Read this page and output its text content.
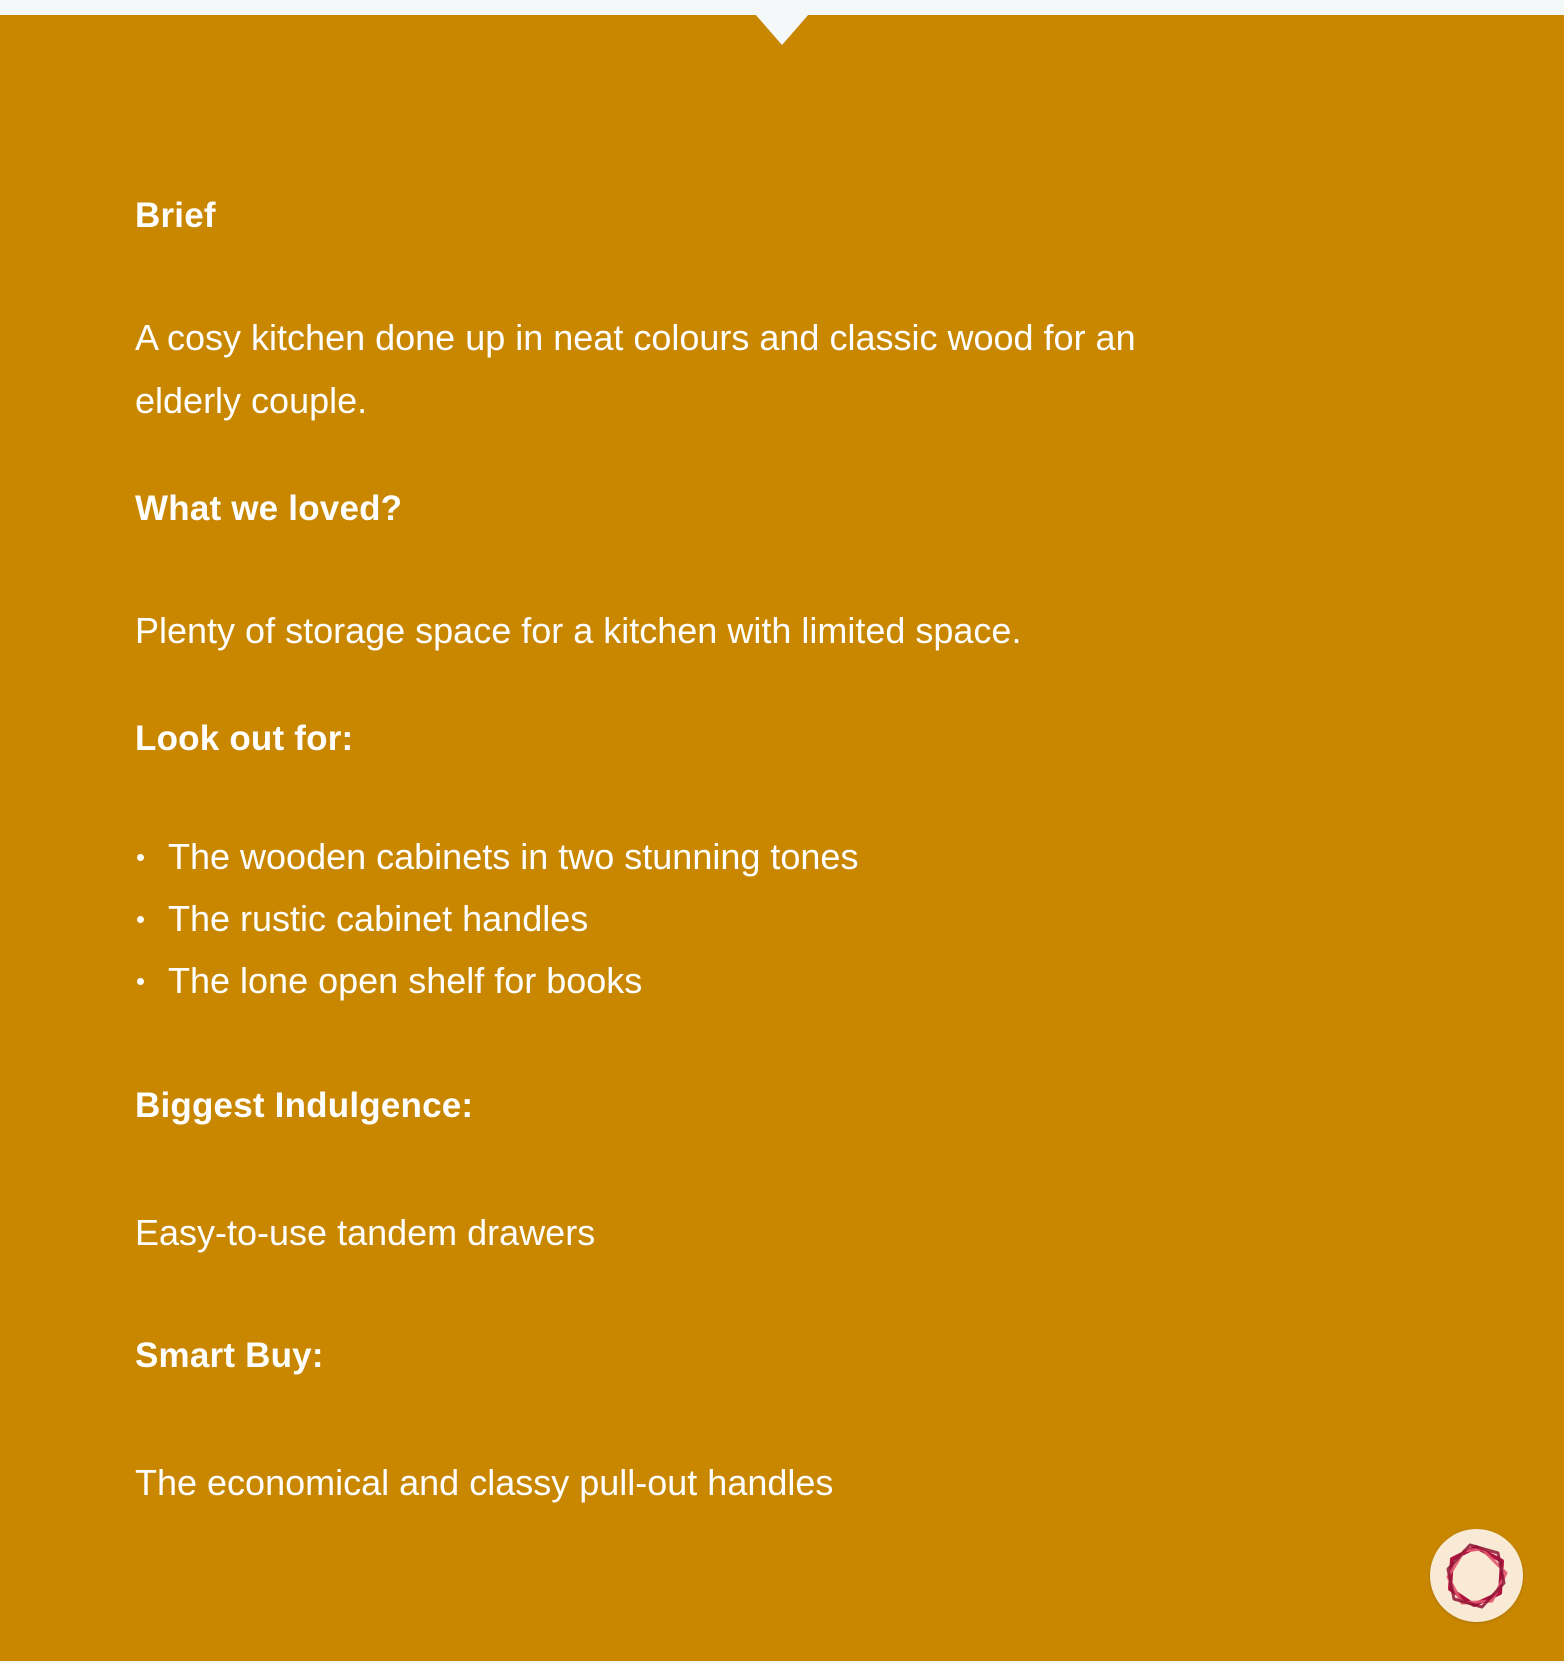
Brief

A cosy kitchen done up in neat colours and classic wood for an elderly couple.

What we loved?

Plenty of storage space for a kitchen with limited space.

Look out for:
The wooden cabinets in two stunning tones
The rustic cabinet handles
The lone open shelf for books
Biggest Indulgence:

Easy-to-use tandem drawers

Smart Buy:

The economical and classy pull-out handles
